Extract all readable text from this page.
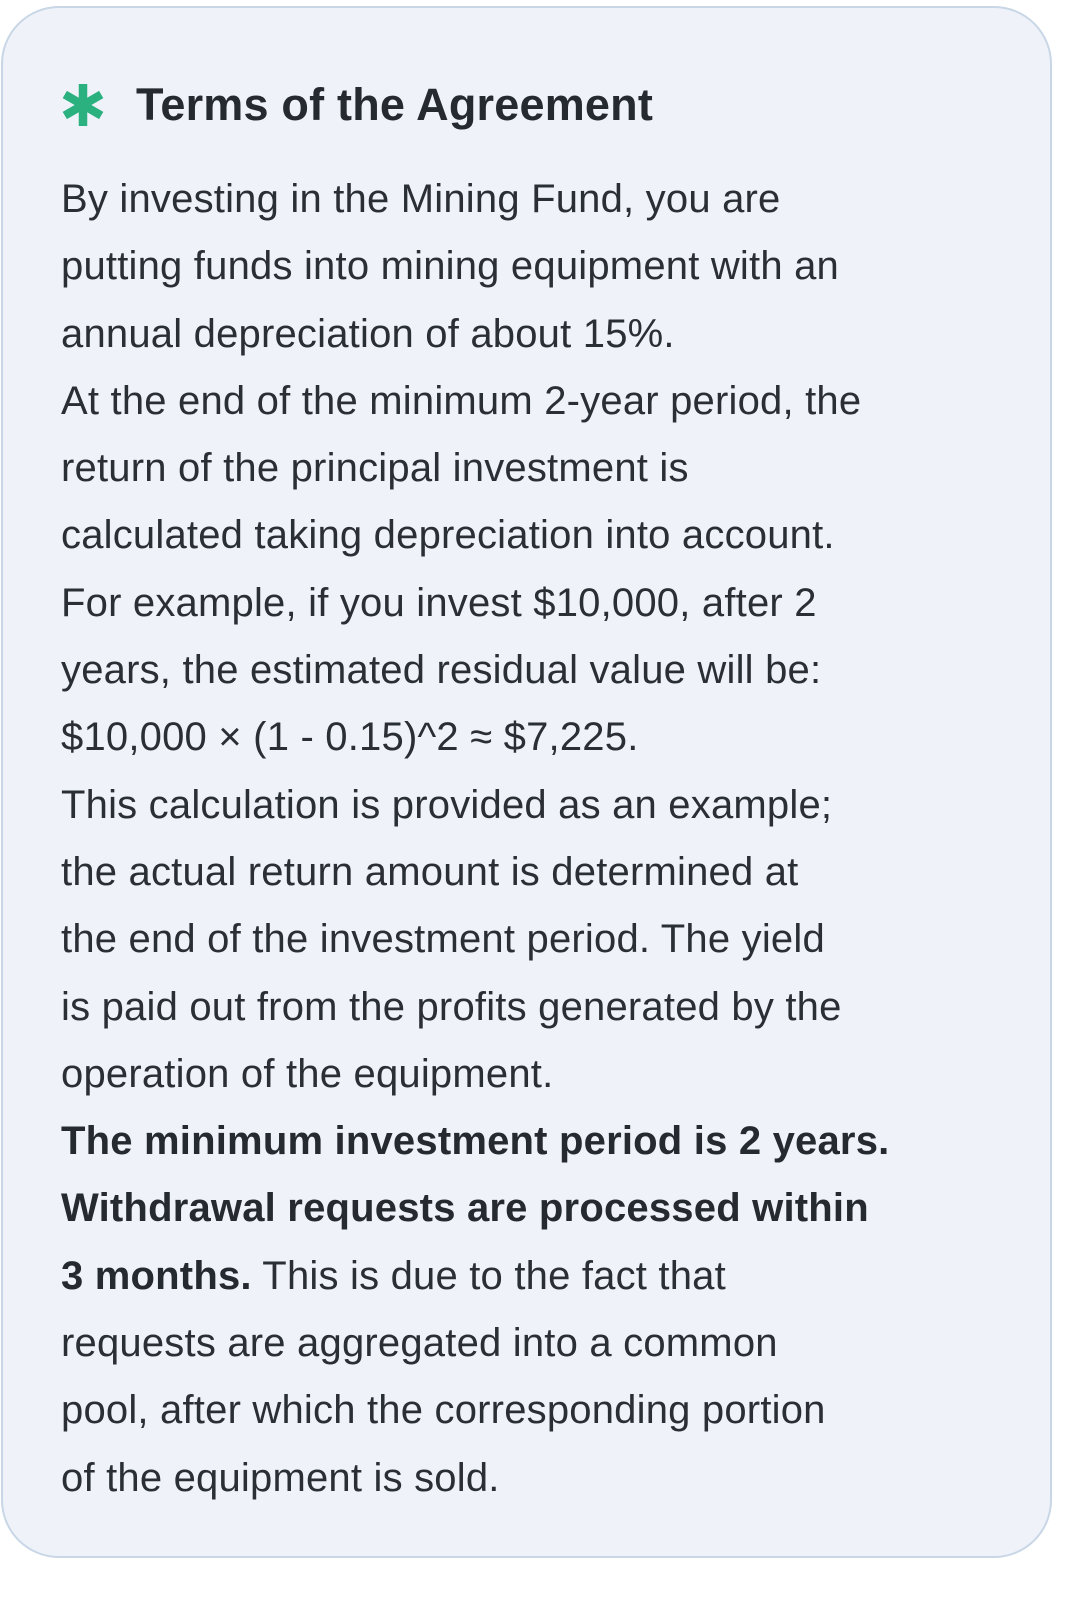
Terms of the Agreement
By investing in the Mining Fund, you are
putting funds into mining equipment with an
annual depreciation of about 15%.
At the end of the minimum 2-year period, the
return of the principal investment is
calculated taking depreciation into account.
For example, if you invest $10,000, after 2
years, the estimated residual value will be:
$10,000 × (1 - 0.15)^2 ≈ $7,225.
This calculation is provided as an example;
the actual return amount is determined at
the end of the investment period. The yield
is paid out from the profits generated by the
operation of the equipment.
The minimum investment period is 2 years.
Withdrawal requests are processed within
3 months. This is due to the fact that
requests are aggregated into a common
pool, after which the corresponding portion
of the equipment is sold.
